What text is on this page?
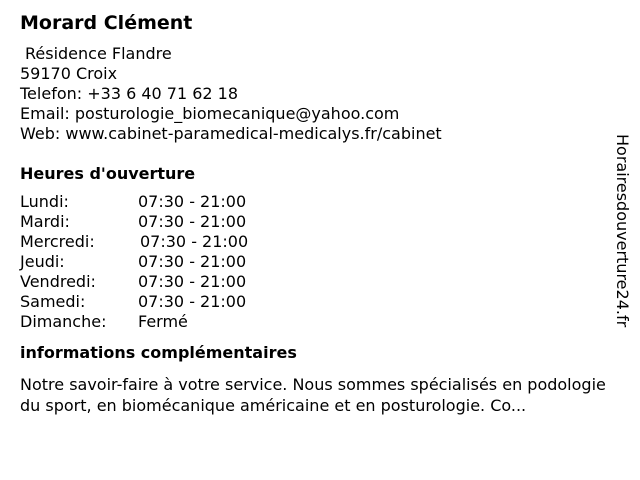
Morard Clément
Résidence Flandre
59170 Croix
Telefon: +33 6 40 71 62 18
Email: posturologie_biomecanique@yahoo.com
Web: www.cabinet-paramedical-medicalys.fr/cabinet
Heures d'ouverture
Lundi:	07:30 - 21:00
Mardi:	07:30 - 21:00
Mercredi:	07:30 - 21:00
Jeudi:	07:30 - 21:00
Vendredi:	07:30 - 21:00
Samedi:	07:30 - 21:00
Dimanche:	Fermé
informations complémentaires
Notre savoir-faire à votre service. Nous sommes spécialisés en podologie du sport, en biomécanique américaine et en posturologie. Co...
Horairesdouverture24.fr
